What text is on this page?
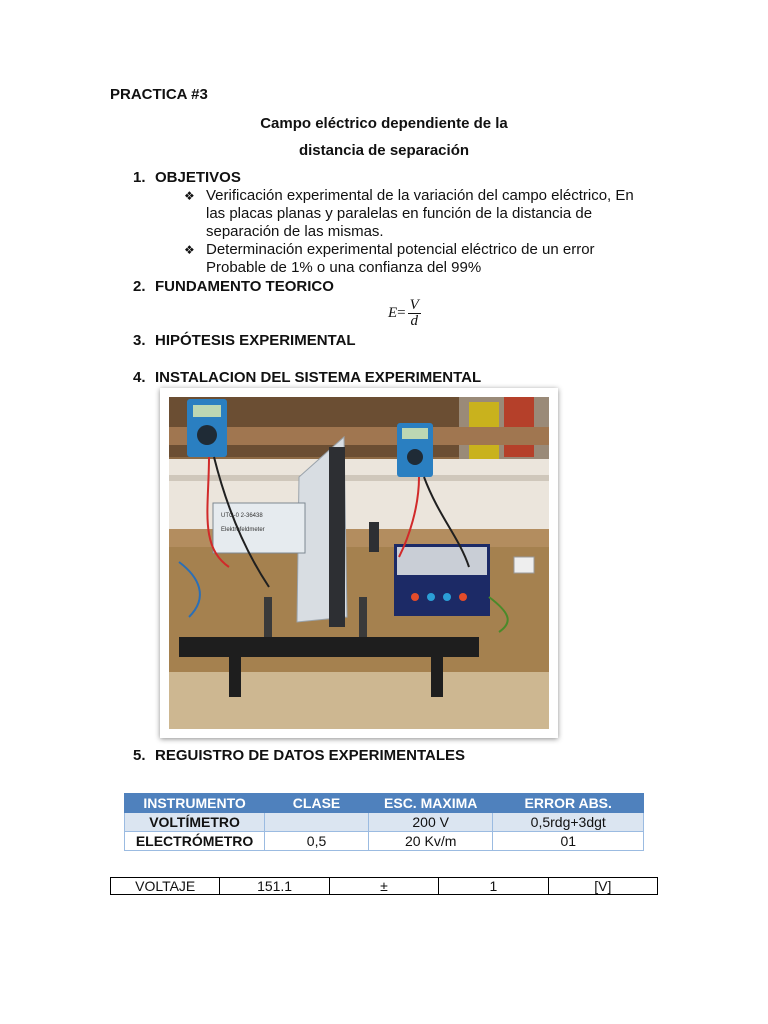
PRACTICA #3
Campo eléctrico dependiente de la
distancia de separación
1. OBJETIVOS
❖ Verificación experimental de la variación del campo eléctrico, En
las placas planas y paralelas en función de la distancia de
separación de las mismas.
❖ Determinación experimental potencial eléctrico de un error
Probable de 1% o una confianza del 99%
2. FUNDAMENTO TEORICO
$E= \frac{V}{d}$
3. HIPÓTESIS EXPERIMENTAL
4. INSTALACION DEL SISTEMA EXPERIMENTAL
UTG-0 2-36438
Elektrofeldmeter
5. REGUISTRO DE DATOS EXPERIMENTALES
INSTRUMENTO	CLASE	ESC. MAXIMA	ERROR ABS.
VOLTÍMETRO		200 V	0,5rdg+3dgt
ELECTRÓMETRO	0,5	20 Kv/m	01
VOLTAJE	151.1	±	1	[V]
